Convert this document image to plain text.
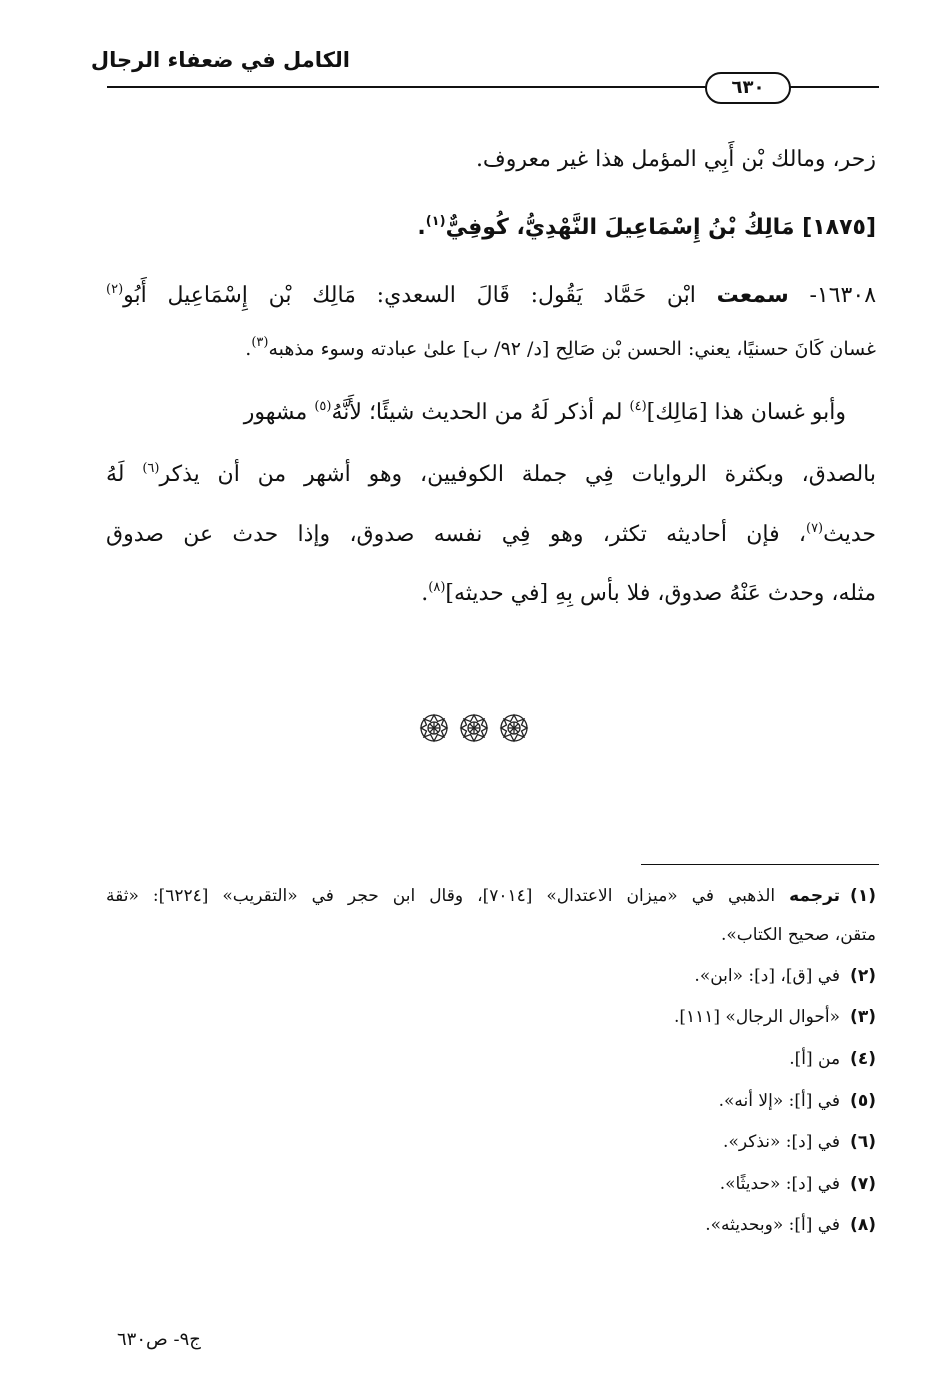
الكامل في ضعفاء الرجال
٦٣٠
زحر، ومالك بْن أَبِي المؤمل هذا غير معروف.
[١٨٧٥] مَالِكُ بْنُ إِسْمَاعِيلَ النَّهْدِيُّ، كُوفِيٌّ$^{(١)}$.
١٦٣٠٨- سمعت ابْن حَمَّاد يَقُول: قَالَ السعدي: مَالِك بْن إِسْمَاعِيل أَبُو$^{(٢)}$
غسان كَانَ حسنيًا، يعني: الحسن بْن صَالِح [د/ ٩٢/ ب] علىٰ عبادته وسوء مذهبه$^{(٣)}$.
وأبو غسان هذا [مَالِك]$^{(٤)}$ لم أذكر لَهُ من الحديث شيئًا؛ لأَنَّهُ$^{(٥)}$ مشهور
بالصدق، وبكثرة الروايات فِي جملة الكوفيين، وهو أشهر من أن يذكر$^{(٦)}$ لَهُ
حديث$^{(٧)}$، فإن أحاديثه تكثر، وهو فِي نفسه صدوق، وإذا حدث عن صدوق
مثله، وحدث عَنْهُ صدوق، فلا بأس بِهِ [في حديثه]$^{(٨)}$.
(١)ترجمه الذهبي في «ميزان الاعتدال» [٧٠١٤]، وقال ابن حجر في «التقريب» [٦٢٢٤]: «ثقة
متقن، صحيح الكتاب».
(٢)في [ق]، [د]: «ابن».
(٣)«أحوال الرجال» [١١١].
(٤)من [أ].
(٥)في [أ]: «إلا أنه».
(٦)في [د]: «نذكر».
(٧)في [د]: «حديثًا».
(٨)في [أ]: «وبحديثه».
ج٩- ص٦٣٠
